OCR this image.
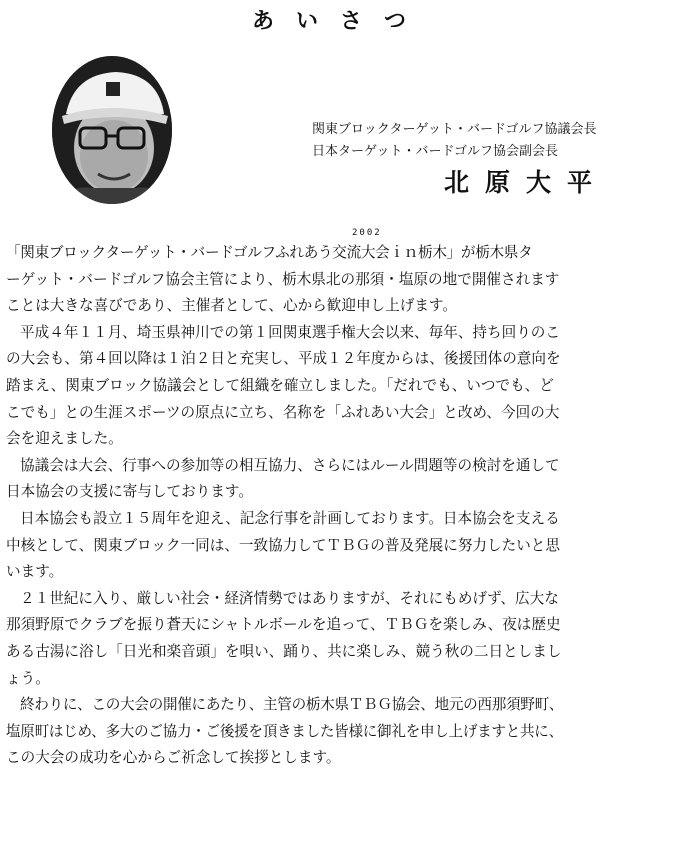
あいさつ
関東ブロックターゲット・バードゴルフ協議会長
日本ターゲット・バードゴルフ協会副会長
北原大平
2002
「関東ブロックターゲット・バードゴルフふれあう交流大会ｉｎ栃木」が栃木県タ
ーゲット・バードゴルフ協会主管により、栃木県北の那須・塩原の地で開催されます
ことは大きな喜びであり、主催者として、心から歓迎申し上げます。
平成４年１１月、埼玉県神川での第１回関東選手権大会以来、毎年、持ち回りのこ
の大会も、第４回以降は１泊２日と充実し、平成１２年度からは、後援団体の意向を
踏まえ、関東ブロック協議会として組織を確立しました。「だれでも、いつでも、ど
こでも」との生涯スポーツの原点に立ち、名称を「ふれあい大会」と改め、今回の大
会を迎えました。
協議会は大会、行事への参加等の相互協力、さらにはルール問題等の検討を通して
日本協会の支援に寄与しております。
日本協会も設立１５周年を迎え、記念行事を計画しております。日本協会を支える
中核として、関東ブロック一同は、一致協力してＴＢＧの普及発展に努力したいと思
います。
２１世紀に入り、厳しい社会・経済情勢ではありますが、それにもめげず、広大な
那須野原でクラブを振り蒼天にシャトルボールを追って、ＴＢＧを楽しみ、夜は歴史
ある古湯に浴し「日光和楽音頭」を唄い、踊り、共に楽しみ、競う秋の二日としまし
ょう。
終わりに、この大会の開催にあたり、主管の栃木県ＴＢＧ協会、地元の西那須野町、
塩原町はじめ、多大のご協力・ご後援を頂きました皆様に御礼を申し上げますと共に、
この大会の成功を心からご祈念して挨拶とします。
